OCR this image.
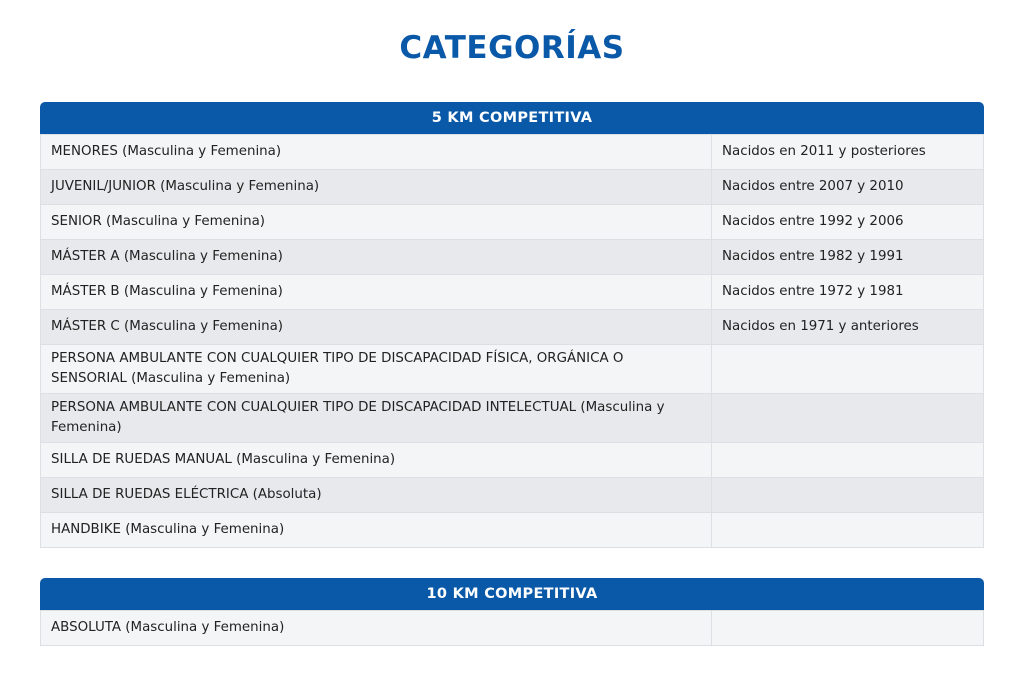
CATEGORÍAS
5 KM COMPETITIVA
MENORES (Masculina y Femenina)	Nacidos en 2011 y posteriores
JUVENIL/JUNIOR (Masculina y Femenina)	Nacidos entre 2007 y 2010
SENIOR (Masculina y Femenina)	Nacidos entre 1992 y 2006
MÁSTER A (Masculina y Femenina)	Nacidos entre 1982 y 1991
MÁSTER B (Masculina y Femenina)	Nacidos entre 1972 y 1981
MÁSTER C (Masculina y Femenina)	Nacidos en 1971 y anteriores
PERSONA AMBULANTE CON CUALQUIER TIPO DE DISCAPACIDAD FÍSICA, ORGÁNICA O SENSORIAL (Masculina y Femenina)	
PERSONA AMBULANTE CON CUALQUIER TIPO DE DISCAPACIDAD INTELECTUAL (Masculina y Femenina)	
SILLA DE RUEDAS MANUAL (Masculina y Femenina)	
SILLA DE RUEDAS ELÉCTRICA (Absoluta)	
HANDBIKE (Masculina y Femenina)	
10 KM COMPETITIVA
ABSOLUTA (Masculina y Femenina)	
